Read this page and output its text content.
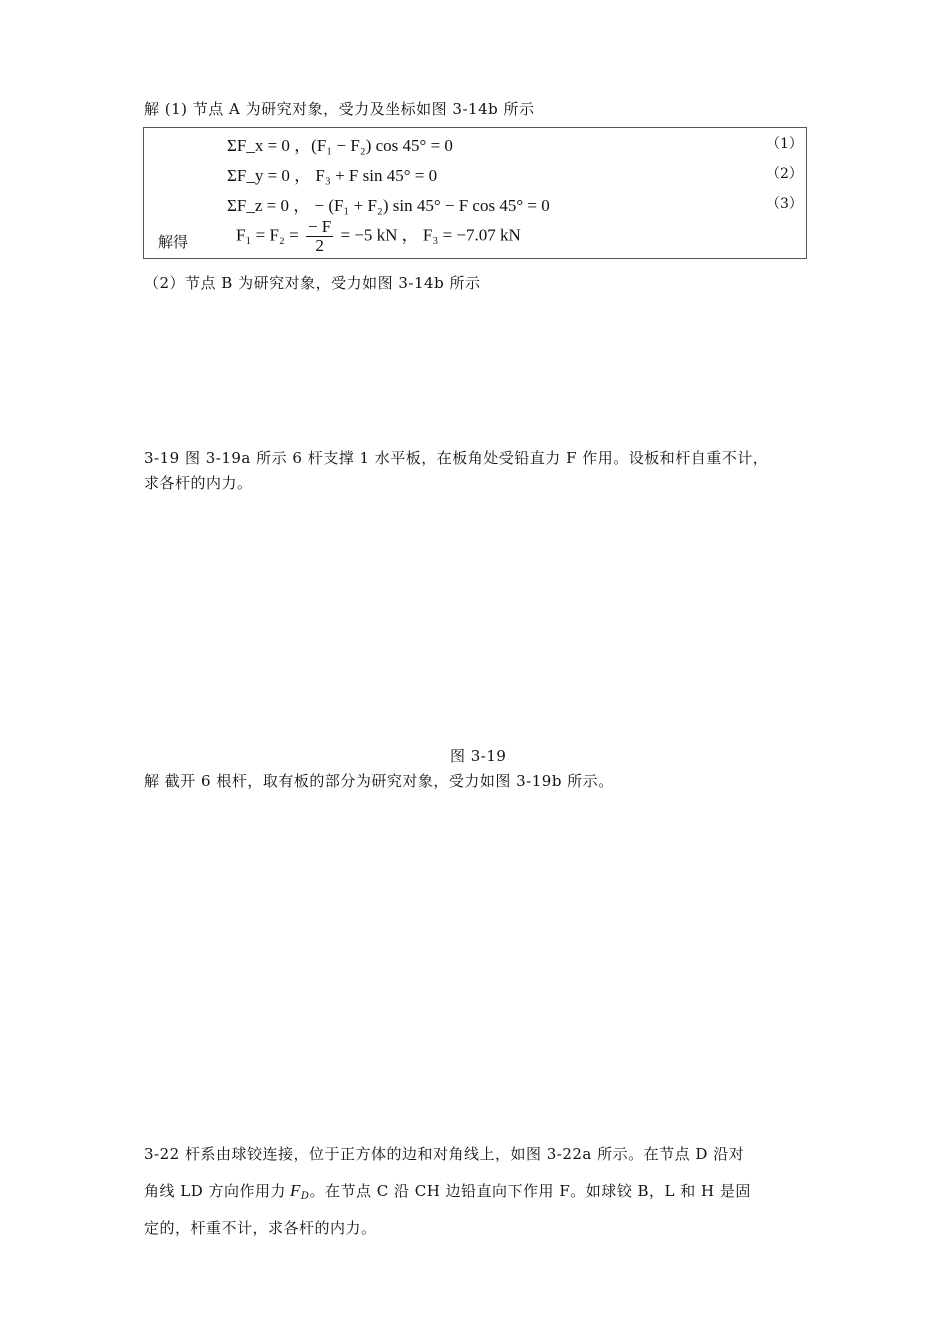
解 (1) 节点 A 为研究对象，受力及坐标如图 3-14b 所示
ΣF_x = 0 ，(F₁ − F₂) cos 45° = 0	（1）
ΣF_y = 0 ， F₃ + F sin 45° = 0	（2）
ΣF_z = 0 ， − (F₁ + F₂) sin 45° − F cos 45° = 0	（3）
解得	$F_1 = F_2 = \frac{- F}{2} = -5$ kN ， F₃ = −7.07 kN
（2）节点 B 为研究对象，受力如图 3-14b 所示
3-19 图 3-19a 所示 6 杆支撑 1 水平板，在板角处受铅直力 F 作用。设板和杆自重不计，
求各杆的内力。
图 3-19
解 截开 6 根杆，取有板的部分为研究对象，受力如图 3-19b 所示。
3-22 杆系由球铰连接，位于正方体的边和对角线上，如图 3-22a 所示。在节点 D 沿对
角线 LD 方向作用力 $F_D$。在节点 C 沿 CH 边铅直向下作用 F。如球铰 B，L 和 H 是固
定的，杆重不计，求各杆的内力。
